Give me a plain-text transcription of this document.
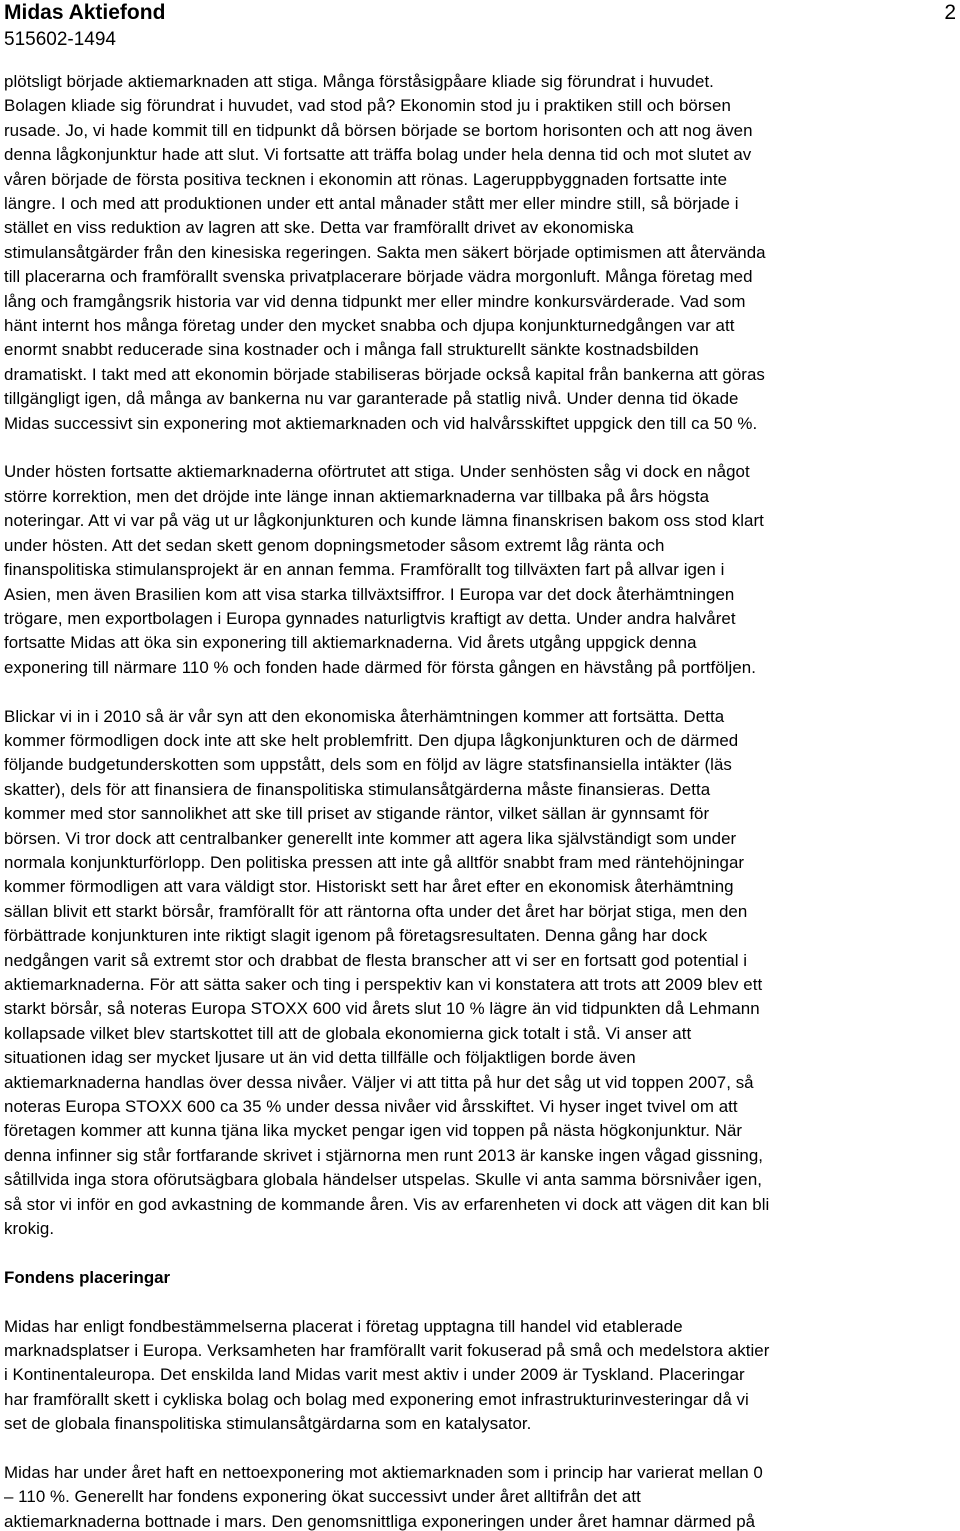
Midas Aktiefond
515602-1494
2

plötsligt började aktiemarknaden att stiga. Många förståsigpåare kliade sig förundrat i huvudet.
Bolagen kliade sig förundrat i huvudet, vad stod på? Ekonomin stod ju i praktiken still och börsen
rusade. Jo, vi hade kommit till en tidpunkt då börsen började se bortom horisonten och att nog även
denna lågkonjunktur hade att slut. Vi fortsatte att träffa bolag under hela denna tid och mot slutet av
våren började de första positiva tecknen i ekonomin att rönas. Lageruppbyggnaden fortsatte inte
längre. I och med att produktionen under ett antal månader stått mer eller mindre still, så började i
stället en viss reduktion av lagren att ske. Detta var framförallt drivet av ekonomiska
stimulansåtgärder från den kinesiska regeringen. Sakta men säkert började optimismen att återvända
till placerarna och framförallt svenska privatplacerare började vädra morgonluft. Många företag med
lång och framgångsrik historia var vid denna tidpunkt mer eller mindre konkursvärderade. Vad som
hänt internt hos många företag under den mycket snabba och djupa konjunkturnedgången var att
enormt snabbt reducerade sina kostnader och i många fall strukturellt sänkte kostnadsbilden
dramatiskt. I takt med att ekonomin började stabiliseras började också kapital från bankerna att göras
tillgängligt igen, då många av bankerna nu var garanterade på statlig nivå. Under denna tid ökade
Midas successivt sin exponering mot aktiemarknaden och vid halvårsskiftet uppgick den till ca 50 %.

Under hösten fortsatte aktiemarknaderna oförtrutet att stiga. Under senhösten såg vi dock en något
större korrektion, men det dröjde inte länge innan aktiemarknaderna var tillbaka på års högsta
noteringar. Att vi var på väg ut ur lågkonjunkturen och kunde lämna finanskrisen bakom oss stod klart
under hösten. Att det sedan skett genom dopningsmetoder såsom extremt låg ränta och
finanspolitiska stimulansprojekt är en annan femma. Framförallt tog tillväxten fart på allvar igen i
Asien, men även Brasilien kom att visa starka tillväxtsiffror. I Europa var det dock återhämtningen
trögare, men exportbolagen i Europa gynnades naturligtvis kraftigt av detta. Under andra halvåret
fortsatte Midas att öka sin exponering till aktiemarknaderna. Vid årets utgång uppgick denna
exponering till närmare 110 % och fonden hade därmed för första gången en hävstång på portföljen.

Blickar vi in i 2010 så är vår syn att den ekonomiska återhämtningen kommer att fortsätta. Detta
kommer förmodligen dock inte att ske helt problemfritt. Den djupa lågkonjunkturen och de därmed
följande budgetunderskotten som uppstått, dels som en följd av lägre statsfinansiella intäkter (läs
skatter), dels för att finansiera de finanspolitiska stimulansåtgärderna måste finansieras. Detta
kommer med stor sannolikhet att ske till priset av stigande räntor, vilket sällan är gynnsamt för
börsen. Vi tror dock att centralbanker generellt inte kommer att agera lika självständigt som under
normala konjunkturförlopp. Den politiska pressen att inte gå alltför snabbt fram med räntehöjningar
kommer förmodligen att vara väldigt stor. Historiskt sett har året efter en ekonomisk återhämtning
sällan blivit ett starkt börsår, framförallt för att räntorna ofta under det året har börjat stiga, men den
förbättrade konjunkturen inte riktigt slagit igenom på företagsresultaten. Denna gång har dock
nedgången varit så extremt stor och drabbat de flesta branscher att vi ser en fortsatt god potential i
aktiemarknaderna. För att sätta saker och ting i perspektiv kan vi konstatera att trots att 2009 blev ett
starkt börsår, så noteras Europa STOXX 600 vid årets slut 10 % lägre än vid tidpunkten då Lehmann
kollapsade vilket blev startskottet till att de globala ekonomierna gick totalt i stå. Vi anser att
situationen idag ser mycket ljusare ut än vid detta tillfälle och följaktligen borde även
aktiemarknaderna handlas över dessa nivåer. Väljer vi att titta på hur det såg ut vid toppen 2007, så
noteras Europa STOXX 600 ca 35 % under dessa nivåer vid årsskiftet. Vi hyser inget tvivel om att
företagen kommer att kunna tjäna lika mycket pengar igen vid toppen på nästa högkonjunktur. När
denna infinner sig står fortfarande skrivet i stjärnorna men runt 2013 är kanske ingen vågad gissning,
såtillvida inga stora oförutsägbara globala händelser utspelas. Skulle vi anta samma börsnivåer igen,
så stor vi inför en god avkastning de kommande åren. Vis av erfarenheten vi dock att vägen dit kan bli
krokig.

Fondens placeringar

Midas har enligt fondbestämmelserna placerat i företag upptagna till handel vid etablerade
marknadsplatser i Europa. Verksamheten har framförallt varit fokuserad på små och medelstora aktier
i Kontinentaleuropa. Det enskilda land Midas varit mest aktiv i under 2009 är Tyskland. Placeringar
har framförallt skett i cykliska bolag och bolag med exponering emot infrastrukturinvesteringar då vi
set de globala finanspolitiska stimulansåtgärdarna som en katalysator.

Midas har under året haft en nettoexponering mot aktiemarknaden som i princip har varierat mellan 0
– 110 %. Generellt har fondens exponering ökat successivt under året alltifrån det att
aktiemarknaderna bottnade i mars. Den genomsnittliga exponeringen under året hamnar därmed på
